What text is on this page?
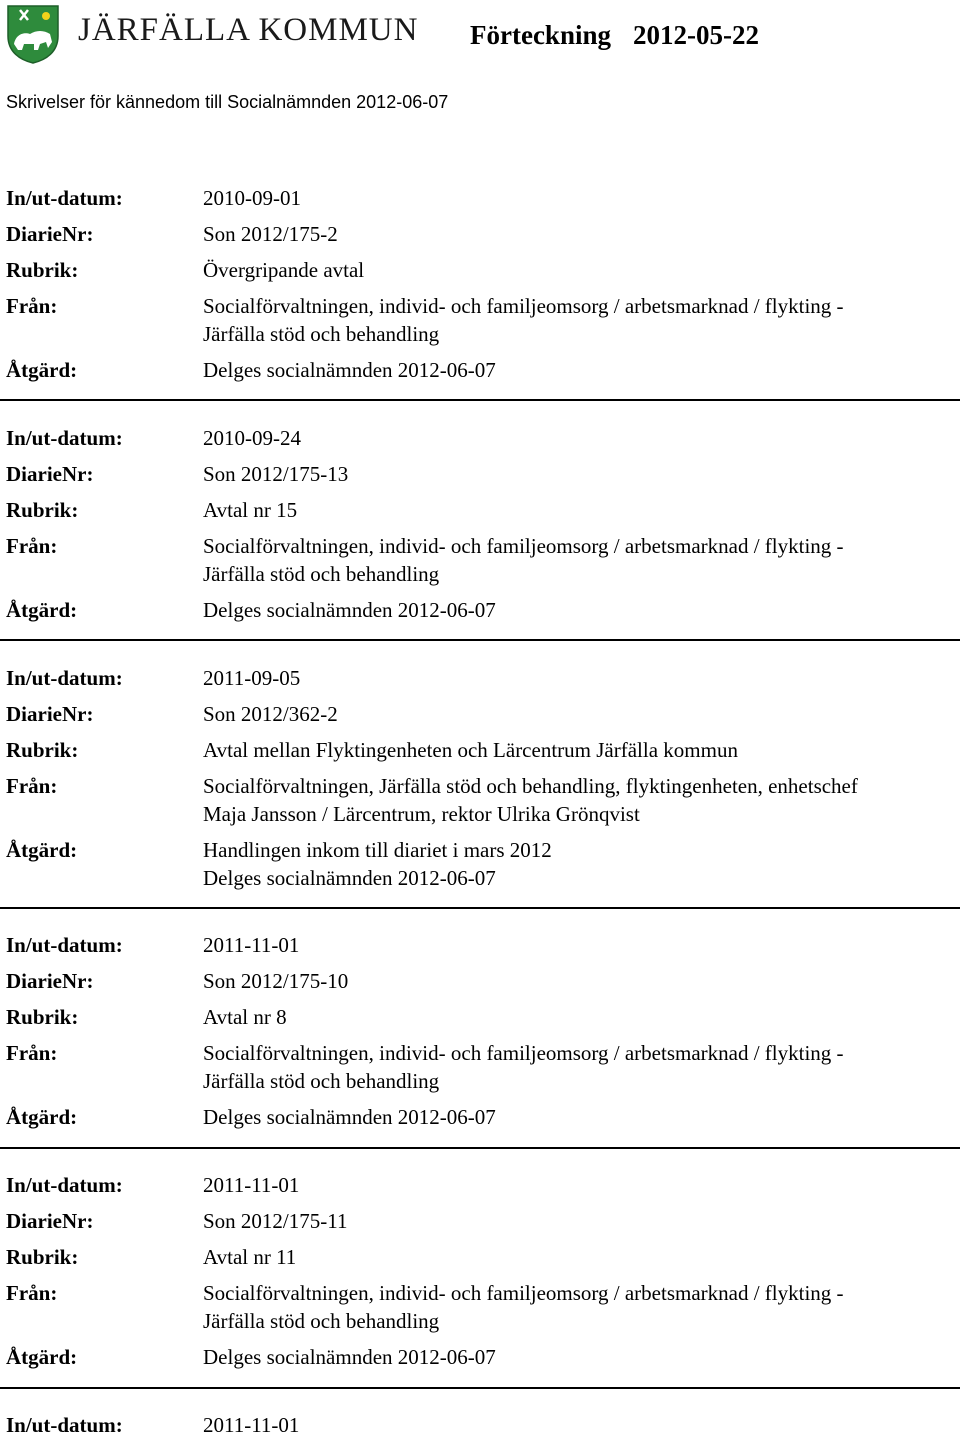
JÄRFÄLLA KOMMUN Förteckning 2012-05-22
Skrivelser för kännedom till Socialnämnden 2012-06-07
In/ut-datum:	2010-09-01
DiarieNr:	Son 2012/175-2
Rubrik:	Övergripande avtal
Från:	Socialförvaltningen, individ- och familjeomsorg / arbetsmarknad / flykting -
Järfälla stöd och behandling
Åtgärd:	Delges socialnämnden 2012-06-07
In/ut-datum:	2010-09-24
DiarieNr:	Son 2012/175-13
Rubrik:	Avtal nr 15
Från:	Socialförvaltningen, individ- och familjeomsorg / arbetsmarknad / flykting -
Järfälla stöd och behandling
Åtgärd:	Delges socialnämnden 2012-06-07
In/ut-datum:	2011-09-05
DiarieNr:	Son 2012/362-2
Rubrik:	Avtal mellan Flyktingenheten och Lärcentrum Järfälla kommun
Från:	Socialförvaltningen, Järfälla stöd och behandling, flyktingenheten, enhetschef
Maja Jansson / Lärcentrum, rektor Ulrika Grönqvist
Åtgärd:	Handlingen inkom till diariet i mars 2012
Delges socialnämnden 2012-06-07
In/ut-datum:	2011-11-01
DiarieNr:	Son 2012/175-10
Rubrik:	Avtal nr 8
Från:	Socialförvaltningen, individ- och familjeomsorg / arbetsmarknad / flykting -
Järfälla stöd och behandling
Åtgärd:	Delges socialnämnden 2012-06-07
In/ut-datum:	2011-11-01
DiarieNr:	Son 2012/175-11
Rubrik:	Avtal nr 11
Från:	Socialförvaltningen, individ- och familjeomsorg / arbetsmarknad / flykting -
Järfälla stöd och behandling
Åtgärd:	Delges socialnämnden 2012-06-07
In/ut-datum:	2011-11-01
